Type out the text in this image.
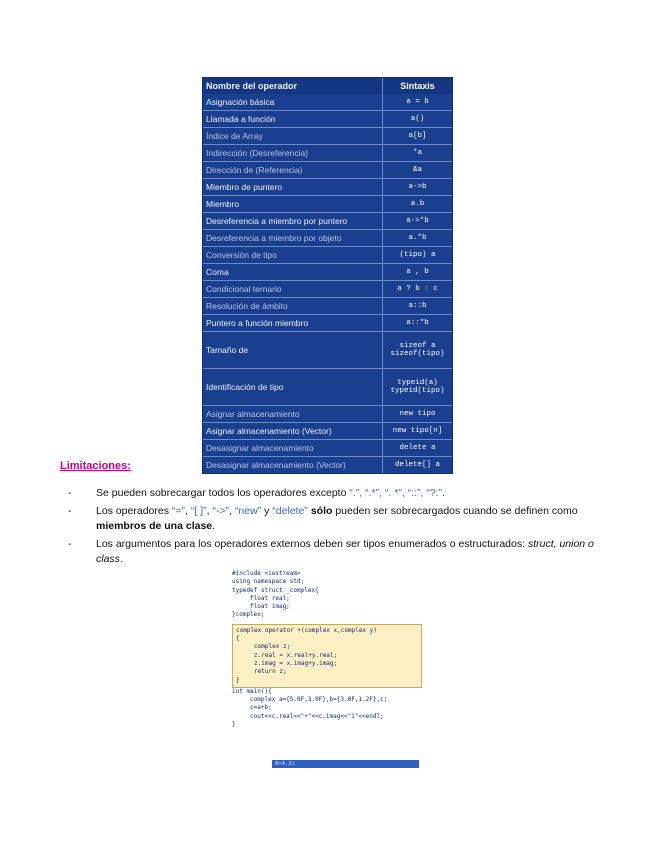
Nombre del operador	Sintaxis
Asignación básica	a = b
Llamada a función	a()
Índice de Array	a[b]
Indirección (Desreferencia)	*a
Dirección de (Referencia)	&a
Miembro de puntero	a->b
Miembro	a.b
Desreferencia a miembro por puntero	a->*b
Desreferencia a miembro por objeto	a.*b
Conversión de tipo	(tipo) a
Coma	a , b
Condicional ternario	a ? b : c
Resolución de ámbito	a::b
Puntero a función miembro	a::*b
Tamaño de	sizeof a
sizeof(tipo)
Identificación de tipo	typeid(a)
typeid(tipo)
Asignar almacenamiento	new tipo
Asignar almacenamiento (Vector)	new tipo[n]
Desasignar almacenamiento	delete a
Desasignar almacenamiento (Vector)	delete[] a
Limitaciones:
-	Se pueden sobrecargar todos los operadores excepto “.”, “.*”, “. *”, “::”, “?:”.
-	Los operadores “=”, “[ ]”, “->”, “new” y “delete” sólo pueden ser sobrecargados cuando se definen como miembros de una clase.
-	Los argumentos para los operadores externos deben ser tipos enumerados o estructurados: struct, union o class.
#include <iostream>
using namespace std;
typedef struct _complex{
float real;
float imag;
}complex;
complex operator +(complex x,complex y)
{
complex z;
z.real = x.real+y.real;
z.imag = x.imag+y.imag;
return z;
}
int main(){
complex a={5.0F,3.0F},b={3.0F,1.2F},c;
c=a+b;
cout<<c.real<<"+"<<c.imag<<"i"<<endl;
}
8+4.2i
